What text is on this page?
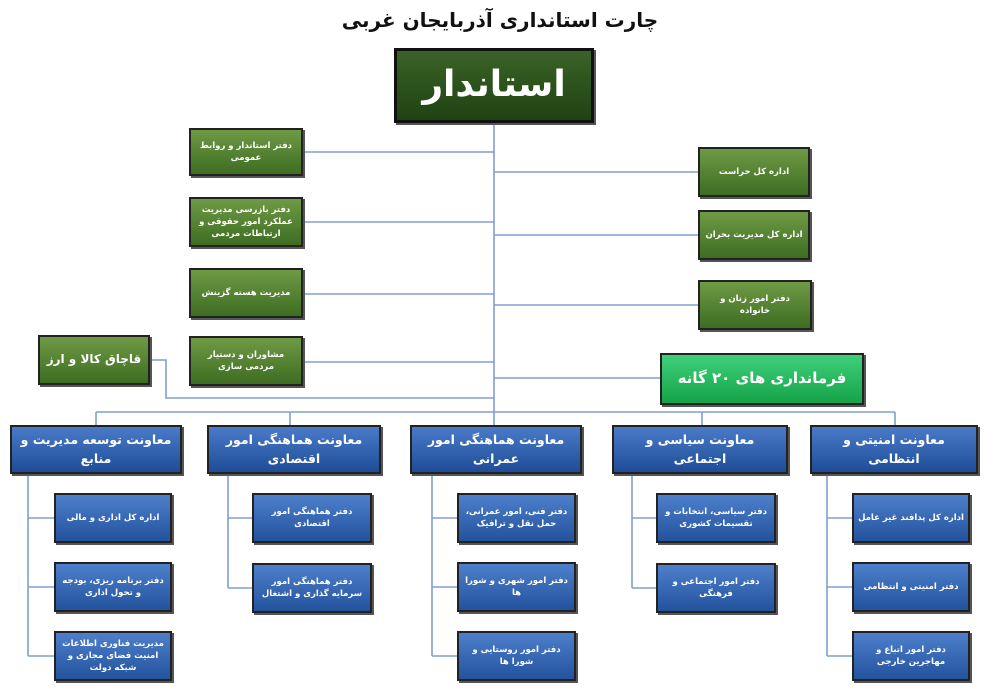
چارت استانداری آذربایجان غربی
استاندار
دفتر استاندار و روابط عمومی
دفتر بازرسی مدیریت عملکرد امور حقوقی و ارتباطات مردمی
مدیریت هسته گزینش
مشاوران و دستیار مردمی سازی
قاچاق کالا و ارز
اداره کل حراست
اداره کل مدیریت بحران
دفتر امور زنان و خانواده
فرمانداری های ۲۰ گانه
معاونت توسعه مدیریت و منابع
معاونت هماهنگی امور اقتصادی
معاونت هماهنگی امور عمرانی
معاونت سیاسی و اجتماعی
معاونت امنیتی و انتظامی
اداره کل اداری و مالی
دفتر برنامه ریزی، بودجه و تحول اداری
مدیریت فناوری اطلاعات امنیت فضای مجازی و شبکه دولت
دفتر هماهنگی امور اقتصادی
دفتر هماهنگی امور سرمایه گذاری و اشتغال
دفتر فنی، امور عمرانی، حمل نقل و ترافیک
دفتر امور شهری و شورا ها
دفتر امور روستایی و شورا ها
دفتر سیاسی، انتخابات و تقسیمات کشوری
دفتر امور اجتماعی و فرهنگی
اداره کل پدافند غیر عامل
دفتر امنیتی و انتظامی
دفتر امور اتباع و مهاجرین خارجی
